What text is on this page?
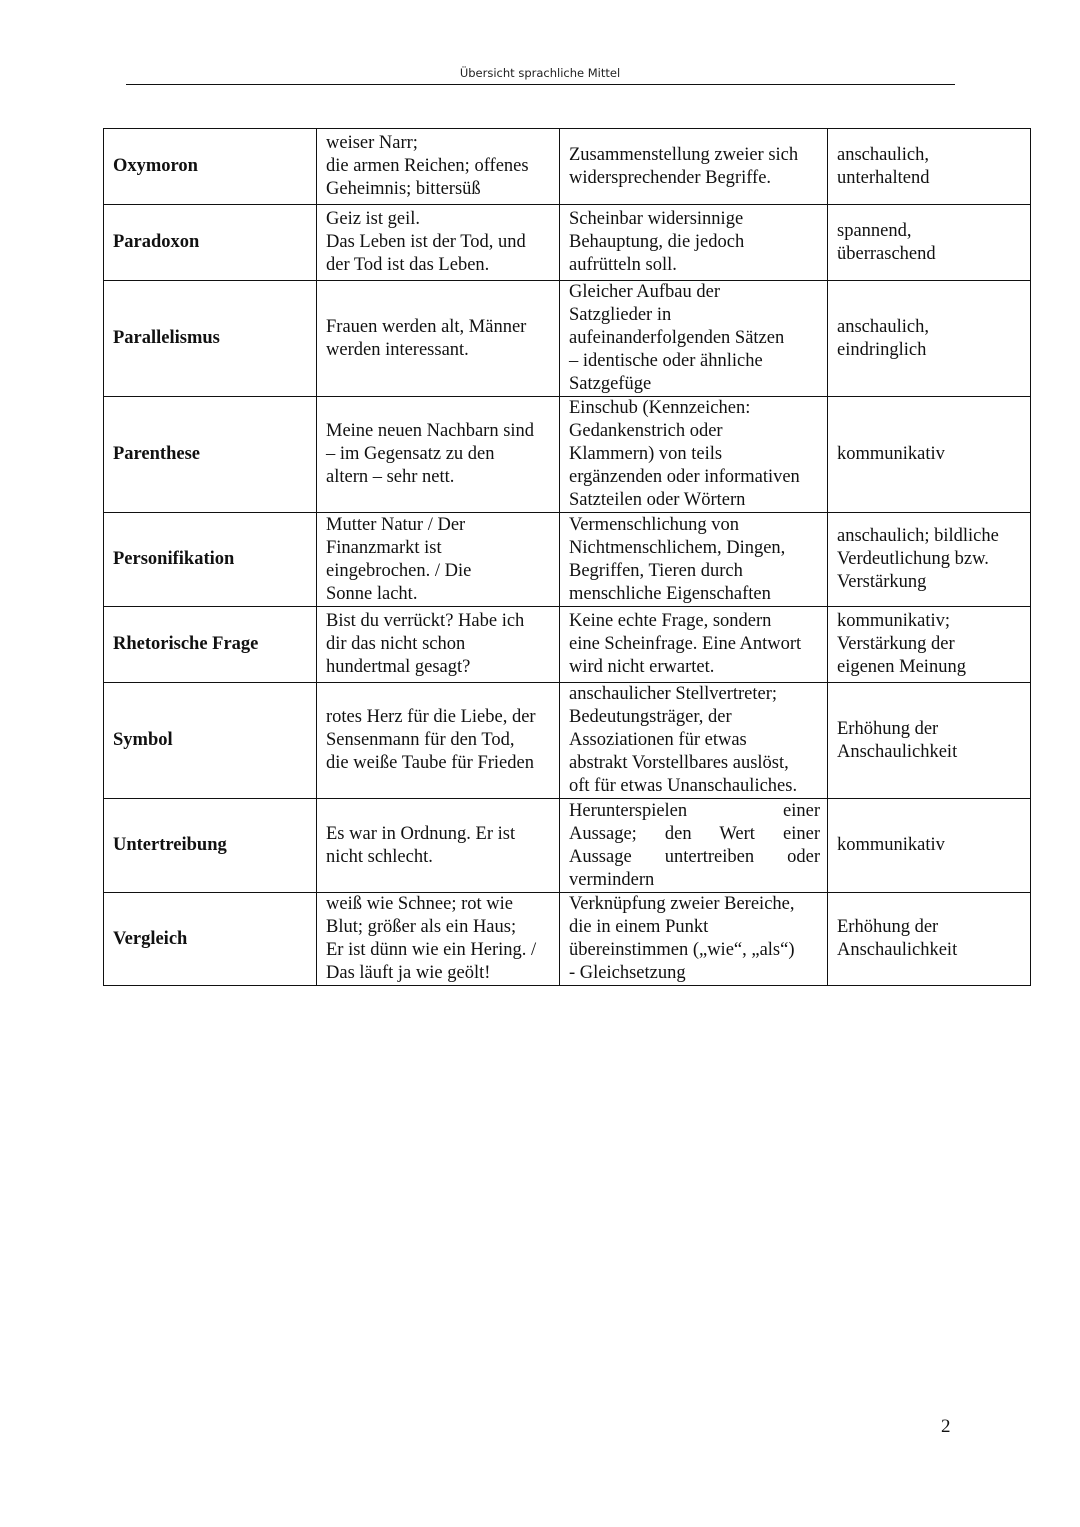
Übersicht sprachliche Mittel
Oxymoron	weiser Narr;
die armen Reichen; offenes
Geheimnis; bittersüß	Zusammenstellung zweier sich
widersprechender Begriffe.	anschaulich,
unterhaltend

Paradoxon	Geiz ist geil.
Das Leben ist der Tod, und
der Tod ist das Leben.	Scheinbar widersinnige
Behauptung, die jedoch
aufrütteln soll.	spannend,
überraschend

Parallelismus	Frauen werden alt, Männer
werden interessant.	Gleicher Aufbau der
Satzglieder in
aufeinanderfolgenden Sätzen
– identische oder ähnliche
Satzgefüge	anschaulich,
eindringlich

Parenthese	Meine neuen Nachbarn sind
– im Gegensatz zu den
altern – sehr nett.	Einschub (Kennzeichen:
Gedankenstrich oder
Klammern) von teils
ergänzenden oder informativen
Satzteilen oder Wörtern	kommunikativ

Personifikation	Mutter Natur / Der
Finanzmarkt ist
eingebrochen. / Die
Sonne lacht.	Vermenschlichung von
Nichtmenschlichem, Dingen,
Begriffen, Tieren durch
menschliche Eigenschaften	anschaulich; bildliche
Verdeutlichung bzw.
Verstärkung

Rhetorische Frage	Bist du verrückt? Habe ich
dir das nicht schon
hundertmal gesagt?	Keine echte Frage, sondern
eine Scheinfrage. Eine Antwort
wird nicht erwartet.	kommunikativ;
Verstärkung der
eigenen Meinung

Symbol	rotes Herz für die Liebe, der
Sensenmann für den Tod,
die weiße Taube für Frieden	anschaulicher Stellvertreter;
Bedeutungsträger, der
Assoziationen für etwas
abstrakt Vorstellbares auslöst,
oft für etwas Unanschauliches.	Erhöhung der
Anschaulichkeit

Untertreibung	Es war in Ordnung. Er ist
nicht schlecht.	Herunterspielen einer
Aussage; den Wert einer
Aussage untertreiben oder
vermindern	kommunikativ

Vergleich	weiß wie Schnee; rot wie
Blut; größer als ein Haus;
Er ist dünn wie ein Hering. /
Das läuft ja wie geölt!	Verknüpfung zweier Bereiche,
die in einem Punkt
übereinstimmen („wie“, „als“)
- Gleichsetzung	Erhöhung der
Anschaulichkeit
2
